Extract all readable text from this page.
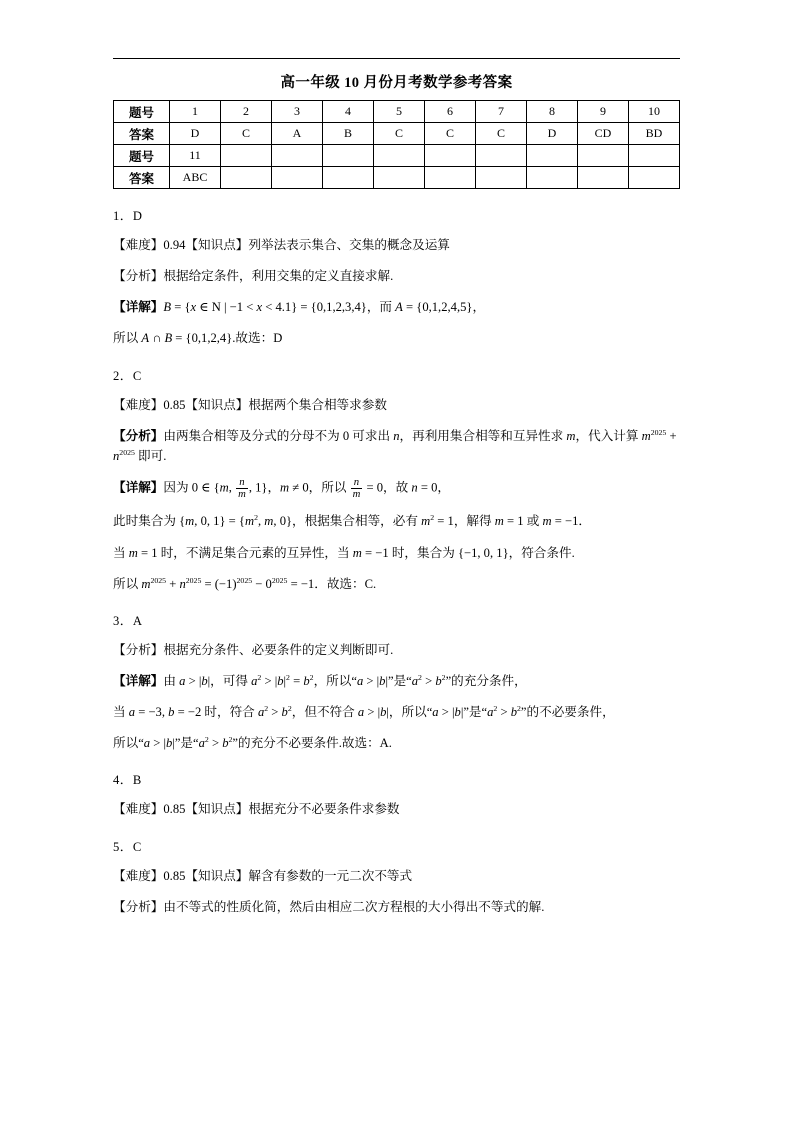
高一年级 10 月份月考数学参考答案
题号	1	2	3	4	5	6	7	8	9	10
答案	D	C	A	B	C	C	C	D	CD	BD
题号	11									
答案	ABC									
1．D
【难度】0.94【知识点】列举法表示集合、交集的概念及运算
【分析】根据给定条件，利用交集的定义直接求解.
【详解】B = {x ∈ N | −1 < x < 4.1} = {0,1,2,3,4}，而 A = {0,1,2,4,5}，
所以 A ∩ B = {0,1,2,4}.故选：D
2．C
【难度】0.85【知识点】根据两个集合相等求参数
【分析】由两集合相等及分式的分母不为 0 可求出 n，再利用集合相等和互异性求 m，代入计算 $m^{2025} + n^{2025}$ 即可.
【详解】因为 0 ∈ {m, $\frac{n}{m}$ , 1}，m ≠ 0，所以 $\frac{n}{m} = 0$，故 n = 0，
此时集合为 {m, 0, $1\} = \{m^2$, m, 0}，根据集合相等，必有 $m^2 = 1$，解得 m = 1 或 m = −1．
当 m = 1 时，不满足集合元素的互异性，当 m = −1 时，集合为 {−1, 0, 1}，符合条件.
所以 $m^{2025} + n^{2025} = (-1)^{2025} - 0^{2025} = -1$．故选：C.
3．A
【分析】根据充分条件、必要条件的定义判断即可.
【详解】由 a > |b|，可得 $a^2 > |b|^2 = b^2$，所以“a > |b|”是“$a^2 > b^2$”的充分条件，
当 a = −3, b = −2 时，符合 $a^2 > b^2$，但不符合 a > |b|，所以“a > |b|”是“$a^2 > b^2$”的不必要条件，
所以“a > |b|”是“$a^2 > b^2$”的充分不必要条件.故选：A.
4．B
【难度】0.85【知识点】根据充分不必要条件求参数
5．C
【难度】0.85【知识点】解含有参数的一元二次不等式
【分析】由不等式的性质化简，然后由相应二次方程根的大小得出不等式的解.
